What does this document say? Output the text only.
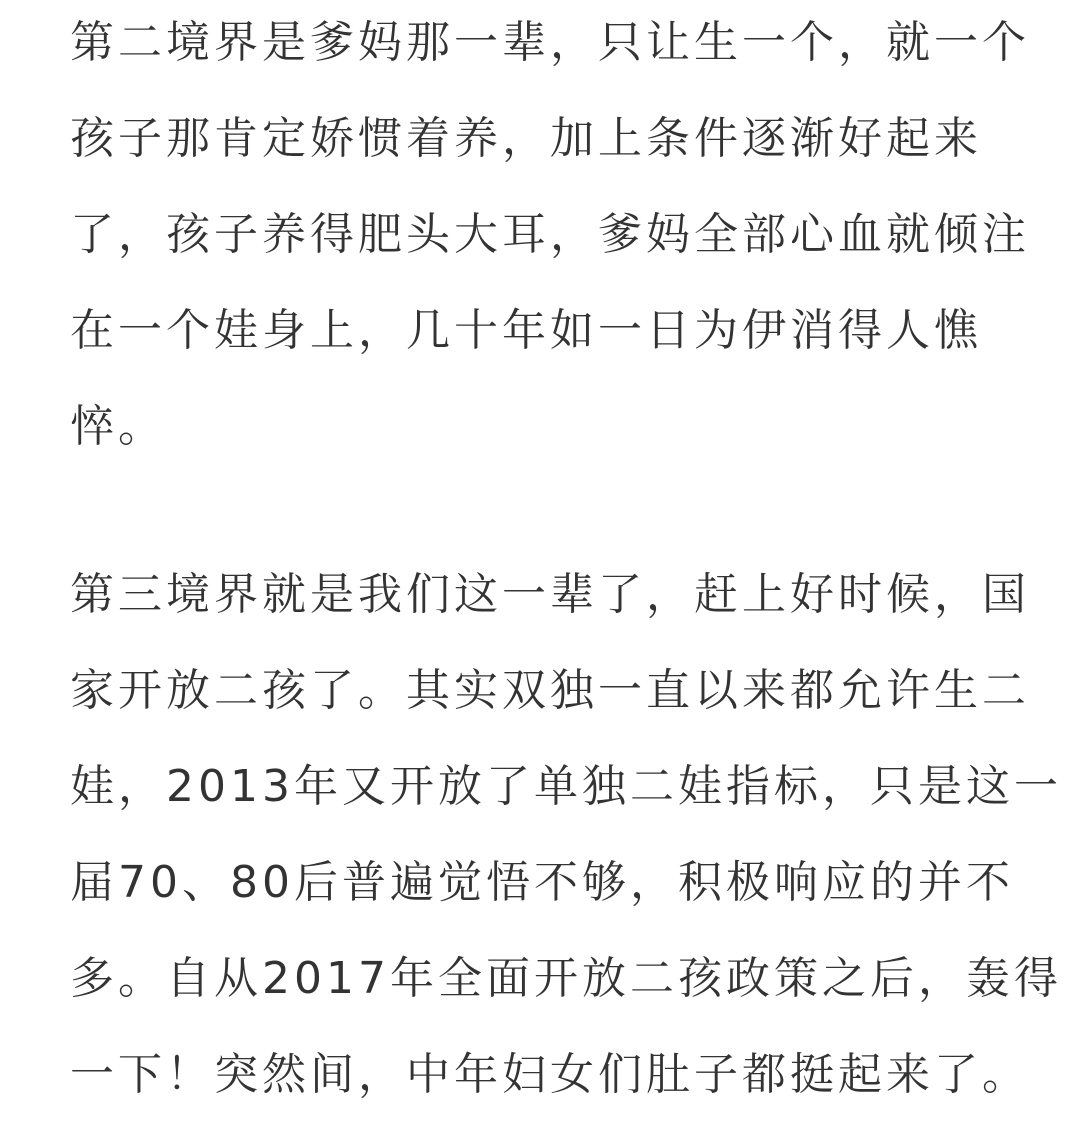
第二境界是爹妈那一辈，只让生一个，就一个
孩子那肯定娇惯着养，加上条件逐渐好起来
了，孩子养得肥头大耳，爹妈全部心血就倾注
在一个娃身上，几十年如一日为伊消得人憔
悴。
第三境界就是我们这一辈了，赶上好时候，国
家开放二孩了。其实双独一直以来都允许生二
娃，2013年又开放了单独二娃指标，只是这一
届70、80后普遍觉悟不够，积极响应的并不
多。自从2017年全面开放二孩政策之后，轰得
一下！突然间，中年妇女们肚子都挺起来了。
